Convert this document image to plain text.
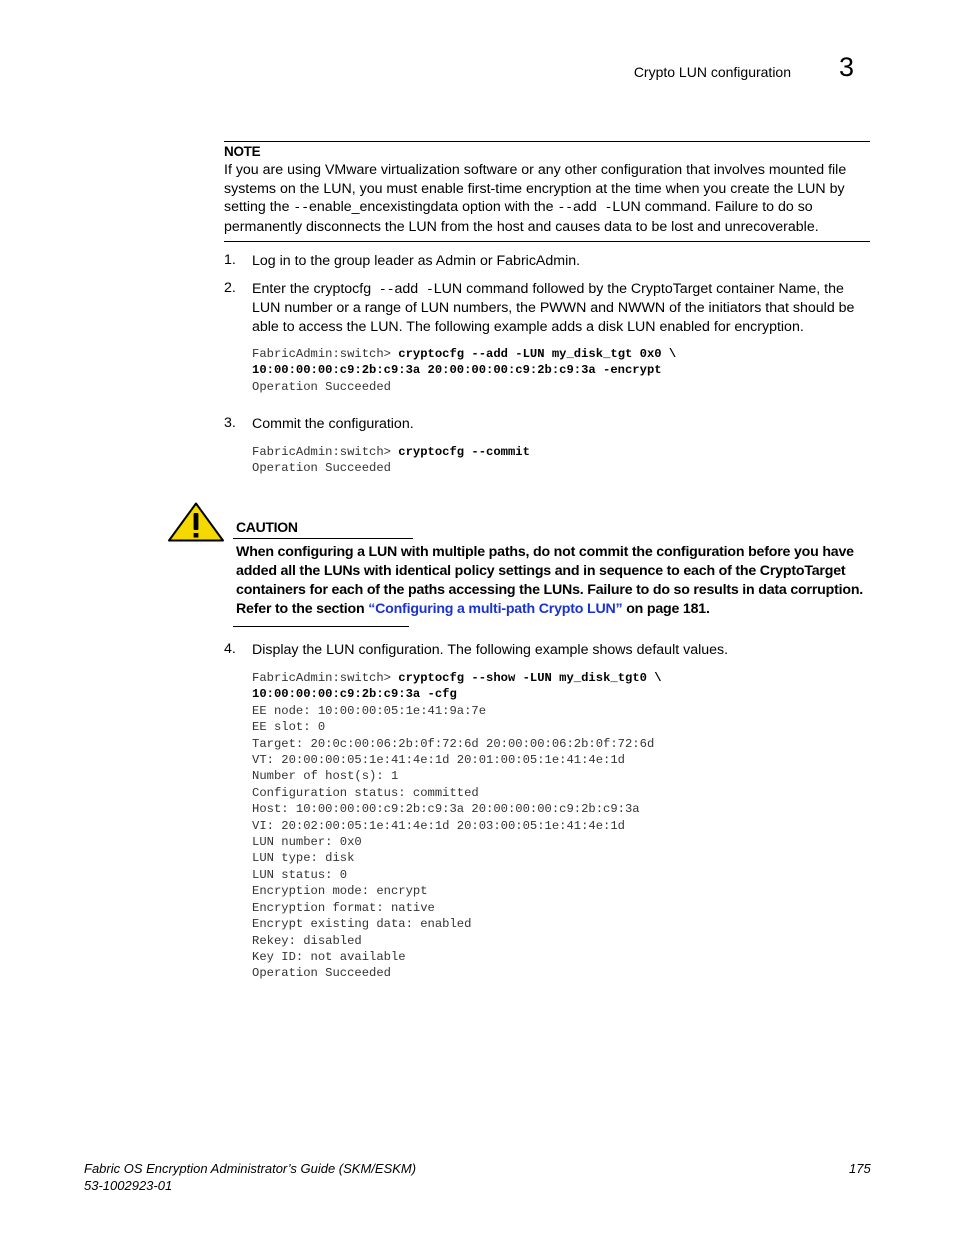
Crypto LUN configuration 3
NOTE
If you are using VMware virtualization software or any other configuration that involves mounted file systems on the LUN, you must enable first-time encryption at the time when you create the LUN by setting the --enable_encexistingdata option with the --add -LUN command. Failure to do so permanently disconnects the LUN from the host and causes data to be lost and unrecoverable.
1. Log in to the group leader as Admin or FabricAdmin.
2. Enter the cryptocfg --add -LUN command followed by the CryptoTarget container Name, the LUN number or a range of LUN numbers, the PWWN and NWWN of the initiators that should be able to access the LUN. The following example adds a disk LUN enabled for encryption.
FabricAdmin:switch> cryptocfg --add -LUN my_disk_tgt 0x0 \
10:00:00:00:c9:2b:c9:3a 20:00:00:00:c9:2b:c9:3a -encrypt
Operation Succeeded
3. Commit the configuration.
FabricAdmin:switch> cryptocfg --commit
Operation Succeeded
CAUTION
When configuring a LUN with multiple paths, do not commit the configuration before you have added all the LUNs with identical policy settings and in sequence to each of the CryptoTarget containers for each of the paths accessing the LUNs. Failure to do so results in data corruption. Refer to the section “Configuring a multi-path Crypto LUN” on page 181.
4. Display the LUN configuration. The following example shows default values.
FabricAdmin:switch> cryptocfg --show -LUN my_disk_tgt0 \
10:00:00:00:c9:2b:c9:3a -cfg
EE node: 10:00:00:05:1e:41:9a:7e
EE slot: 0
Target: 20:0c:00:06:2b:0f:72:6d 20:00:00:06:2b:0f:72:6d
VT: 20:00:00:05:1e:41:4e:1d 20:01:00:05:1e:41:4e:1d
Number of host(s): 1
Configuration status: committed
Host: 10:00:00:00:c9:2b:c9:3a 20:00:00:00:c9:2b:c9:3a
VI: 20:02:00:05:1e:41:4e:1d 20:03:00:05:1e:41:4e:1d
LUN number: 0x0
LUN type: disk
LUN status: 0
Encryption mode: encrypt
Encryption format: native
Encrypt existing data: enabled
Rekey: disabled
Key ID: not available
Operation Succeeded
Fabric OS Encryption Administrator’s Guide (SKM/ESKM)
53-1002923-01
175
